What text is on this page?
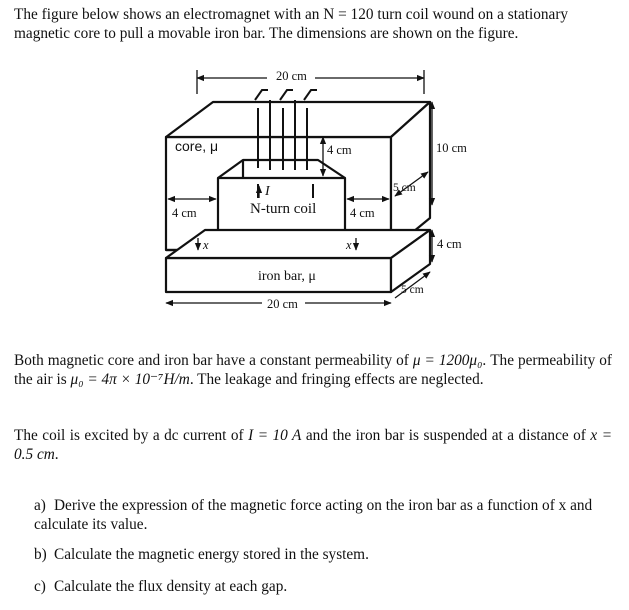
The figure below shows an electromagnet with an N = 120 turn coil wound on a stationary
magnetic core to pull a movable iron bar. The dimensions are shown on the figure.
20 cm
core, μ	4 cm
I
N-turn coil
4 cm	4 cm
x	x
5 cm
10 cm
4 cm
5 cm
iron bar, μ
20 cm
Both magnetic core and iron bar have a constant permeability of μ = 1200μ₀. The permeability of the air is μ₀ = 4π × 10⁻⁷H/m. The leakage and fringing effects are neglected.
The coil is excited by a dc current of I = 10 A and the iron bar is suspended at a distance of x = 0.5 cm.
a) Derive the expression of the magnetic force acting on the iron bar as a function of x and calculate its value.
b) Calculate the magnetic energy stored in the system.
c) Calculate the flux density at each gap.
